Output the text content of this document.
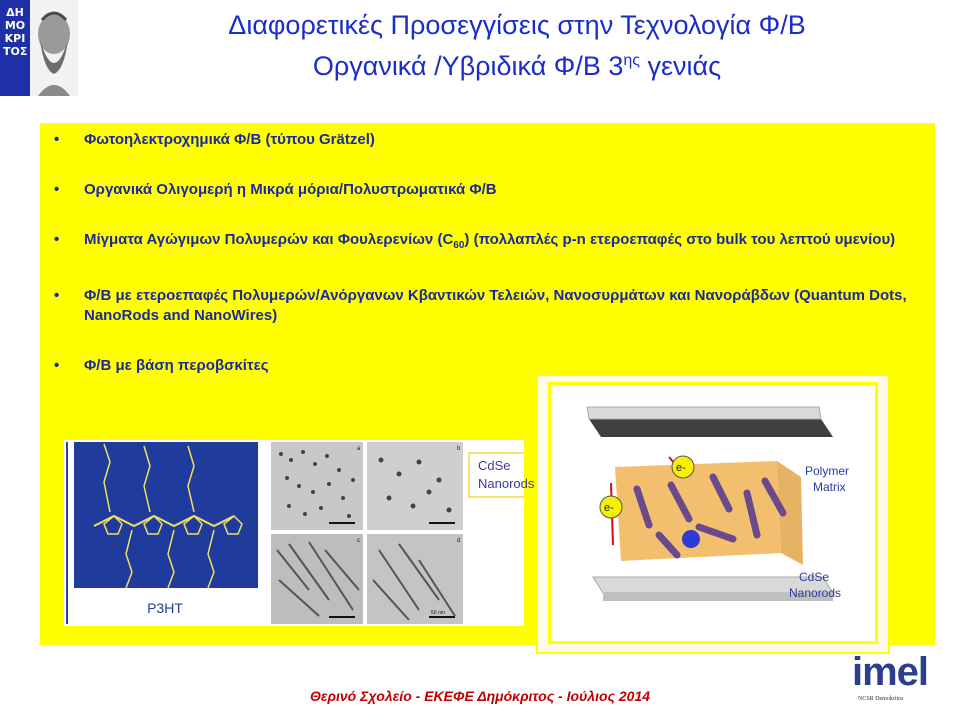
ΔΗ
ΜΟ
ΚΡΙ
ΤΟΣ
Διαφορετικές Προσεγγίσεις στην Τεχνολογία Φ/Β
Οργανικά /Υβριδικά Φ/Β $3^{\eta\varsigma}$ γενιάς
• Φωτοηλεκτροχημικά Φ/Β (τύπου Grätzel)
• Οργανικά Ολιγομερή η Μικρά μόρια/Πολυστρωματικά Φ/Β
• Μίγματα Αγώγιμων Πολυμερών και Φουλερενίων $(C_{60})$ (πολλαπλές p-n ετεροεπαφές στο bulk του λεπτού υμενίου)
• Φ/Β με ετεροεπαφές Πολυμερών/Ανόργανων Κβαντικών Τελειών, Νανοσυρμάτων και Νανοράβδων (Quantum Dots, NanoRods and NanoWires)
• Φ/Β με βάση περοβσκίτες
P3HT
a	b
c	d
50 nm
CdSe
Nanorods
e-
e-	Polymer
Matrix
CdSe
Nanorods
Θερινό Σχολείο - ΕΚΕΦΕ Δημόκριτος - Ιούλιος 2014
imel
NCSR Demokritos
